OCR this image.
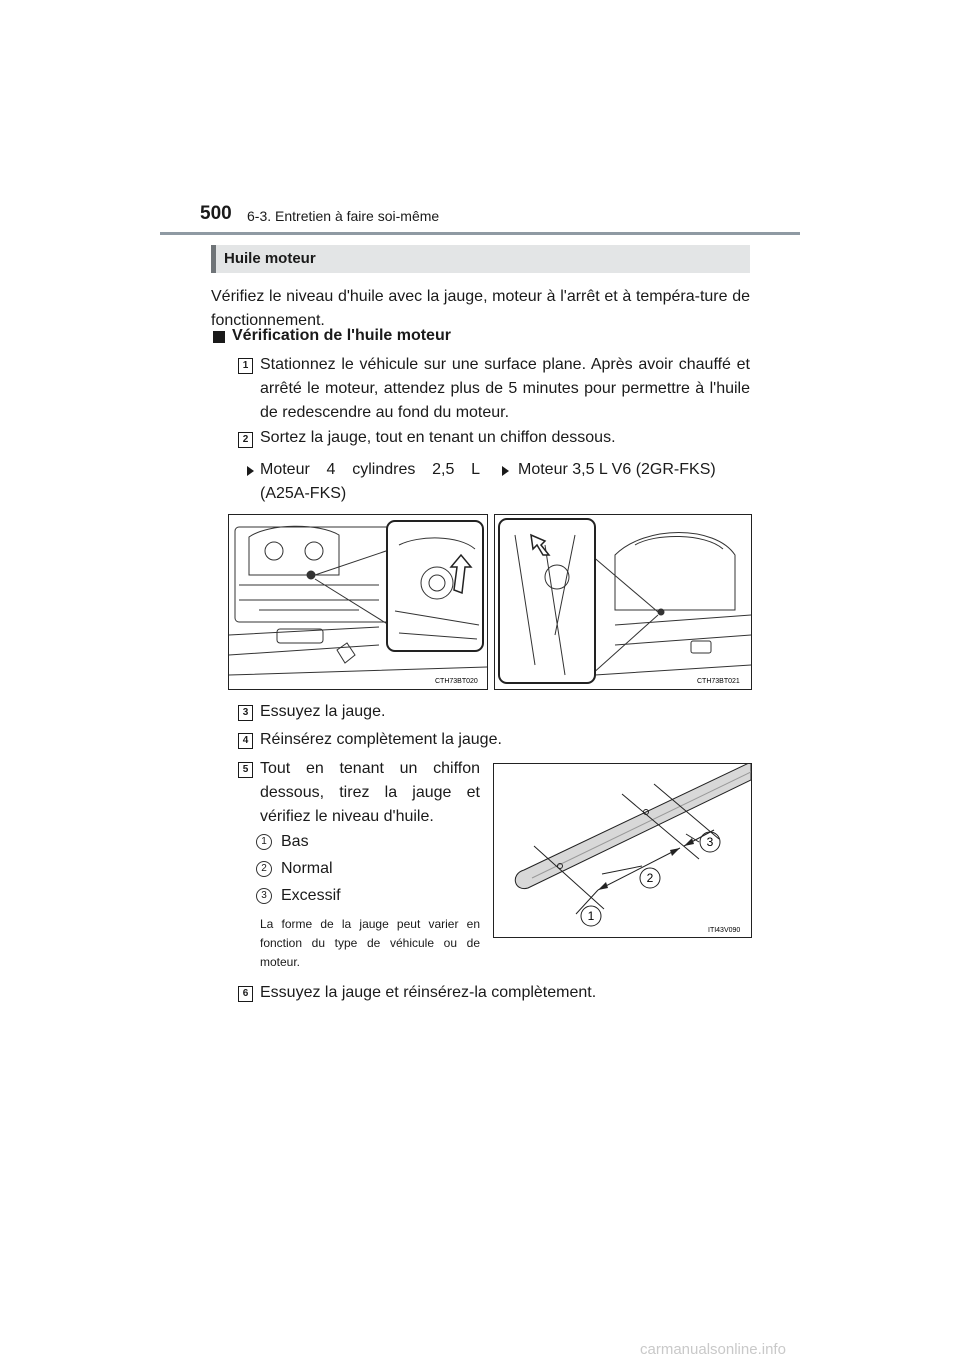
500 6-3. Entretien à faire soi-même
Huile moteur
Vérifiez le niveau d'huile avec la jauge, moteur à l'arrêt et à tempéra-ture de fonctionnement.
Vérification de l'huile moteur
1 Stationnez le véhicule sur une surface plane. Après avoir chauffé et arrêté le moteur, attendez plus de 5 minutes pour permettre à l'huile de redescendre au fond du moteur.
2 Sortez la jauge, tout en tenant un chiffon dessous.
Moteur 4 cylindres 2,5 L
(A25A-FKS)
Moteur 3,5 L V6 (2GR-FKS)
CTH73BT020	CTH73BT021
3 Essuyez la jauge.
4 Réinsérez complètement la jauge.
5 Tout en tenant un chiffon dessous, tirez la jauge et vérifiez le niveau d'huile.
1 Bas
2 Normal
3 Excessif
La forme de la jauge peut varier en fonction du type de véhicule ou de moteur.
1
2
3
ITI43V090
6 Essuyez la jauge et réinsérez-la complètement.
carmanualsonline.info
